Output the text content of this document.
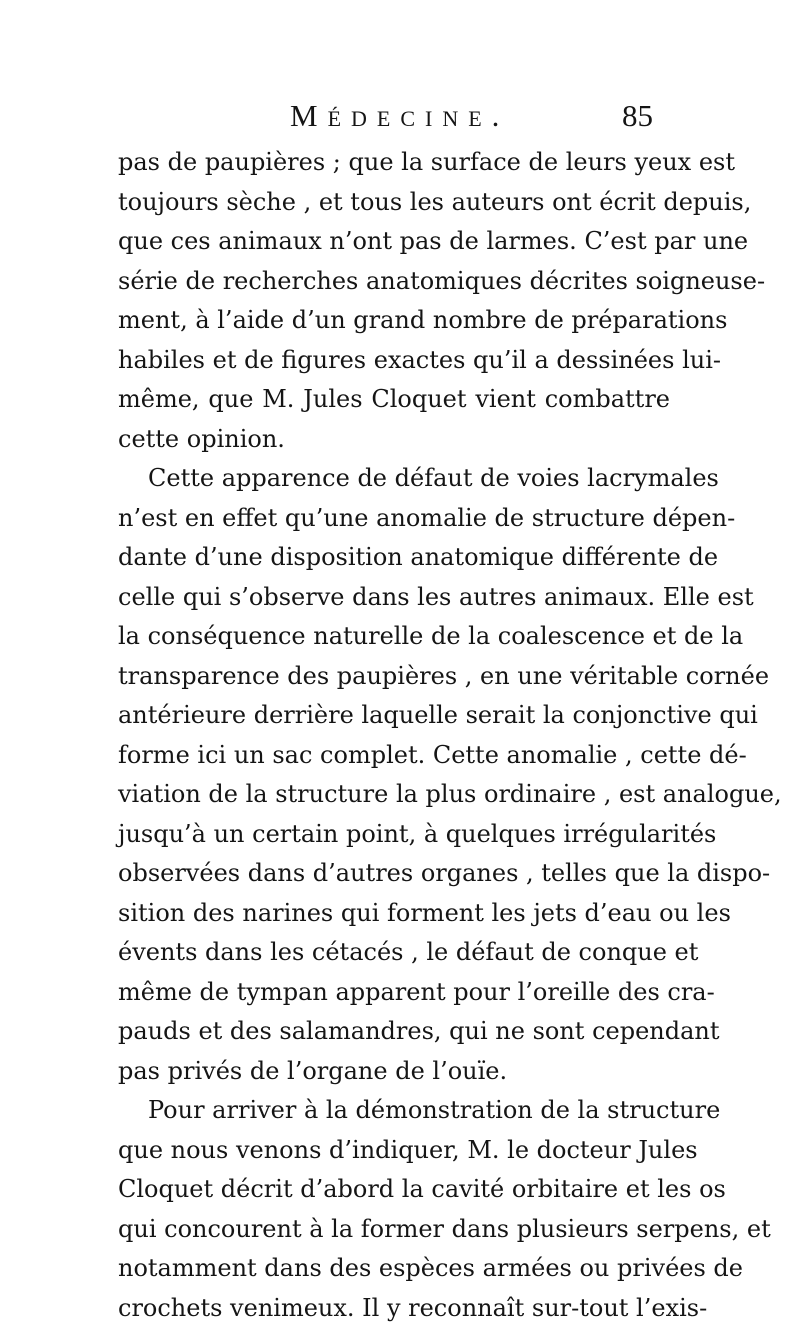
Médecine.	85
pas de paupières ; que la surface de leurs yeux est
toujours sèche , et tous les auteurs ont écrit depuis,
que ces animaux n’ont pas de larmes. C’est par une
série de recherches anatomiques décrites soigneuse-
ment, à l’aide d’un grand nombre de préparations
habiles et de figures exactes qu’il a dessinées lui-
même, que M. Jules Cloquet vient combattre
cette opinion.
Cette apparence de défaut de voies lacrymales
n’est en effet qu’une anomalie de structure dépen-
dante d’une disposition anatomique différente de
celle qui s’observe dans les autres animaux. Elle est
la conséquence naturelle de la coalescence et de la
transparence des paupières , en une véritable cornée
antérieure derrière laquelle serait la conjonctive qui
forme ici un sac complet. Cette anomalie , cette dé-
viation de la structure la plus ordinaire , est analogue,
jusqu’à un certain point, à quelques irrégularités
observées dans d’autres organes , telles que la dispo-
sition des narines qui forment les jets d’eau ou les
évents dans les cétacés , le défaut de conque et
même de tympan apparent pour l’oreille des cra-
pauds et des salamandres, qui ne sont cependant
pas privés de l’organe de l’ouïe.
Pour arriver à la démonstration de la structure
que nous venons d’indiquer, M. le docteur Jules
Cloquet décrit d’abord la cavité orbitaire et les os
qui concourent à la former dans plusieurs serpens, et
notamment dans des espèces armées ou privées de
crochets venimeux. Il y reconnaît sur-tout l’exis-
